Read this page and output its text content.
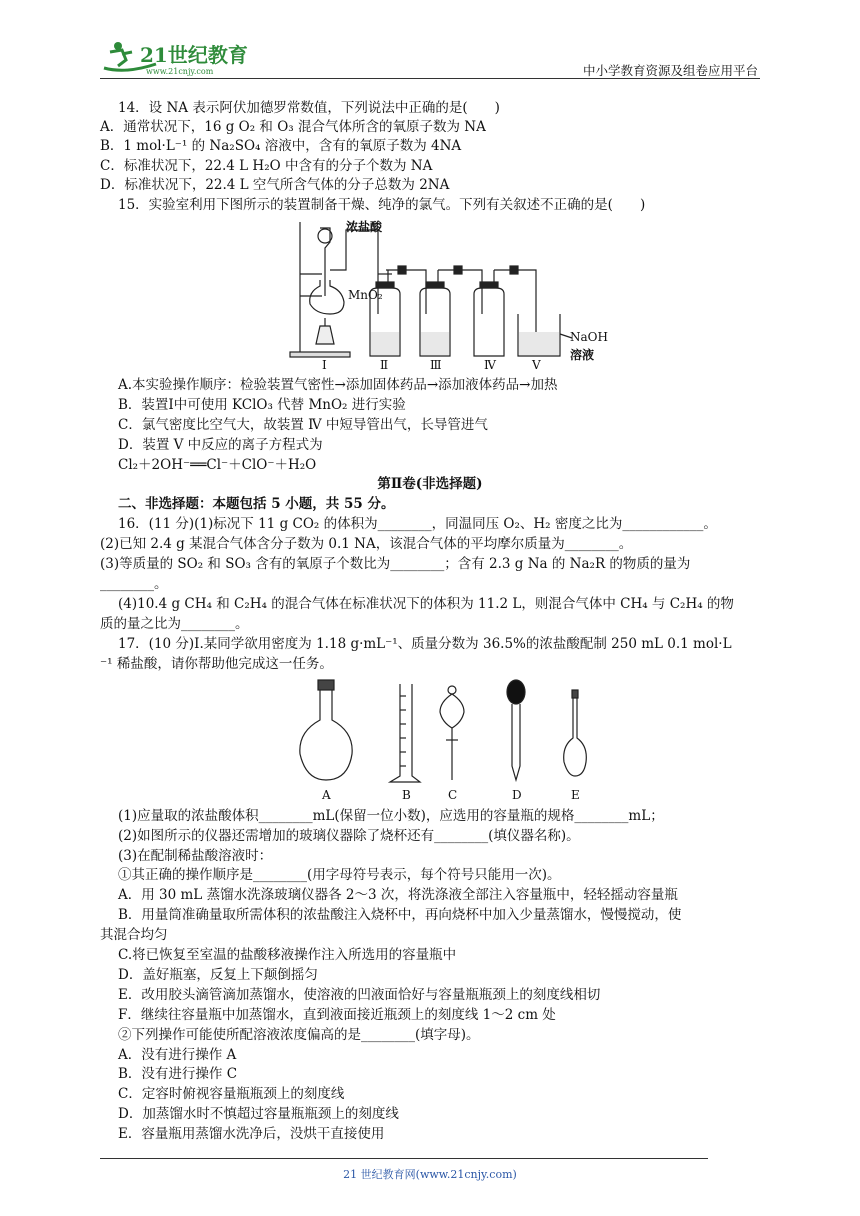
21世纪教育
www.21cnjy.com	中小学教育资源及组卷应用平台
14．设 NA 表示阿伏加德罗常数值，下列说法中正确的是(　　)
A．通常状况下，16 g O₂ 和 O₃ 混合气体所含的氧原子数为 NA
B．1 mol·L⁻¹ 的 Na₂SO₄ 溶液中，含有的氧原子数为 4NA
C．标准状况下，22.4 L H₂O 中含有的分子个数为 NA
D．标准状况下，22.4 L 空气所含气体的分子总数为 2NA
15．实验室利用下图所示的装置制备干燥、纯净的氯气。下列有关叙述不正确的是(　　)
浓盐酸
MnO₂
NaOH
溶液
Ⅰ	Ⅱ	Ⅲ	Ⅳ	Ⅴ
A.本实验操作顺序：检验装置气密性→添加固体药品→添加液体药品→加热
B．装置Ⅰ中可使用 KClO₃ 代替 MnO₂ 进行实验
C．氯气密度比空气大，故装置 Ⅳ 中短导管出气，长导管进气
D．装置 Ⅴ 中反应的离子方程式为
Cl₂＋2OH⁻══Cl⁻＋ClO⁻＋H₂O
第Ⅱ卷(非选择题)
二、非选择题：本题包括 5 小题，共 55 分。
16．(11 分)(1)标况下 11 g CO₂ 的体积为________，同温同压 O₂、H₂ 密度之比为____________。
(2)已知 2.4 g 某混合气体含分子数为 0.1 NA，该混合气体的平均摩尔质量为________。
(3)等质量的 SO₂ 和 SO₃ 含有的氧原子个数比为________；含有 2.3 g Na 的 Na₂R 的物质的量为
________。
(4)10.4 g CH₄ 和 C₂H₄ 的混合气体在标准状况下的体积为 11.2 L，则混合气体中 CH₄ 与 C₂H₄ 的物
质的量之比为________。
17．(10 分)Ⅰ.某同学欲用密度为 1.18 g·mL⁻¹、质量分数为 36.5%的浓盐酸配制 250 mL 0.1 mol·L
⁻¹ 稀盐酸，请你帮助他完成这一任务。
A	B	C	D	E
(1)应量取的浓盐酸体积________mL(保留一位小数)，应选用的容量瓶的规格________mL；
(2)如图所示的仪器还需增加的玻璃仪器除了烧杯还有________(填仪器名称)。
(3)在配制稀盐酸溶液时：
①其正确的操作顺序是________(用字母符号表示，每个符号只能用一次)。
A．用 30 mL 蒸馏水洗涤玻璃仪器各 2～3 次，将洗涤液全部注入容量瓶中，轻轻摇动容量瓶
B．用量筒准确量取所需体积的浓盐酸注入烧杯中，再向烧杯中加入少量蒸馏水，慢慢搅动，使
其混合均匀
C.将已恢复至室温的盐酸移液操作注入所选用的容量瓶中
D．盖好瓶塞，反复上下颠倒摇匀
E．改用胶头滴管滴加蒸馏水，使溶液的凹液面恰好与容量瓶瓶颈上的刻度线相切
F．继续往容量瓶中加蒸馏水，直到液面接近瓶颈上的刻度线 1～2 cm 处
②下列操作可能使所配溶液浓度偏高的是________(填字母)。
A．没有进行操作 A
B．没有进行操作 C
C．定容时俯视容量瓶瓶颈上的刻度线
D．加蒸馏水时不慎超过容量瓶瓶颈上的刻度线
E．容量瓶用蒸馏水洗净后，没烘干直接使用
21 世纪教育网(www.21cnjy.com)
